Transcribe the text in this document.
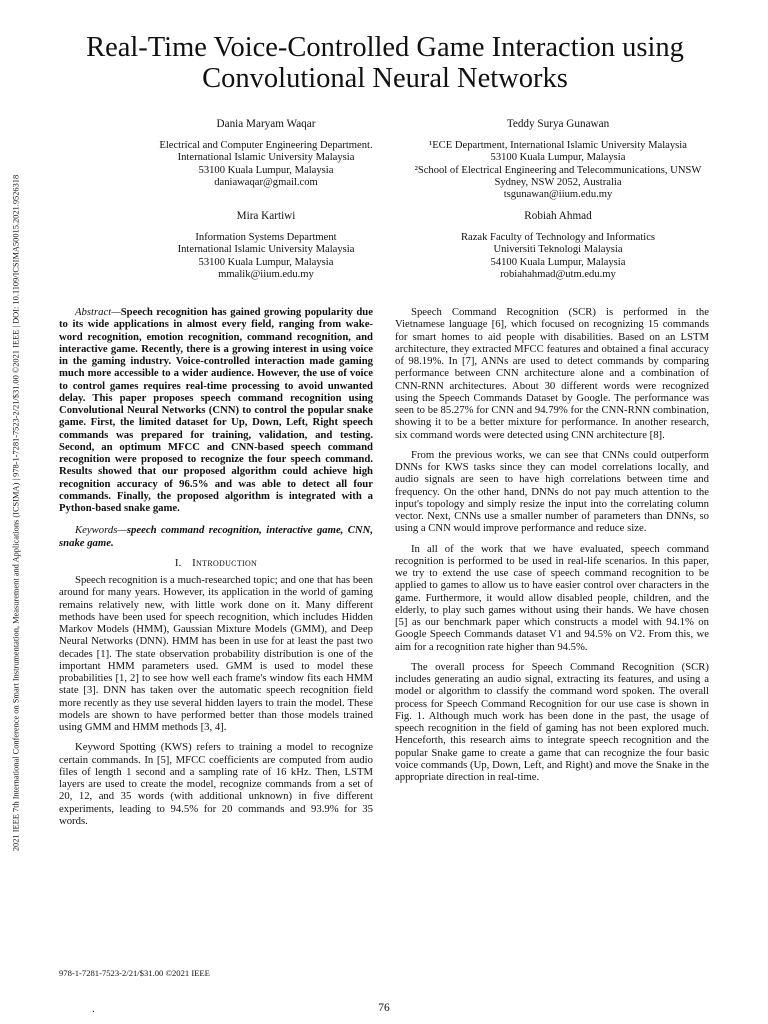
2021 IEEE 7th International Conference on Smart Instrumentation, Measurement and Applications (ICSIMA) | 978-1-7281-7523-2/21/$31.00 ©2021 IEEE | DOI: 10.1109/ICSIMA50015.2021.9526318
Real-Time Voice-Controlled Game Interaction using
Convolutional Neural Networks
Dania Maryam Waqar
Electrical and Computer Engineering Department.
International Islamic University Malaysia
53100 Kuala Lumpur, Malaysia
daniawaqar@gmail.com
Teddy Surya Gunawan
¹ECE Department, International Islamic University Malaysia
53100 Kuala Lumpur, Malaysia
²School of Electrical Engineering and Telecommunications, UNSW
Sydney, NSW 2052, Australia
tsgunawan@iium.edu.my
Mira Kartiwi
Information Systems Department
International Islamic University Malaysia
53100 Kuala Lumpur, Malaysia
mmalik@iium.edu.my
Robiah Ahmad
Razak Faculty of Technology and Informatics
Universiti Teknologi Malaysia
54100 Kuala Lumpur, Malaysia
robiahahmad@utm.edu.my

Abstract—Speech recognition has gained growing popularity due to its wide applications in almost every field, ranging from wake-word recognition, emotion recognition, command recognition, and interactive game. Recently, there is a growing interest in using voice in the gaming industry. Voice-controlled interaction made gaming much more accessible to a wider audience. However, the use of voice to control games requires real-time processing to avoid unwanted delay. This paper proposes speech command recognition using Convolutional Neural Networks (CNN) to control the popular snake game. First, the limited dataset for Up, Down, Left, Right speech commands was prepared for training, validation, and testing. Second, an optimum MFCC and CNN-based speech command recognition were proposed to recognize the four speech command. Results showed that our proposed algorithm could achieve high recognition accuracy of 96.5% and was able to detect all four commands. Finally, the proposed algorithm is integrated with a Python-based snake game.

Keywords—speech command recognition, interactive game, CNN, snake game.

I. Introduction

Speech recognition is a much-researched topic; and one that has been around for many years. However, its application in the world of gaming remains relatively new, with little work done on it. Many different methods have been used for speech recognition, which includes Hidden Markov Models (HMM), Gaussian Mixture Models (GMM), and Deep Neural Networks (DNN). HMM has been in use for at least the past two decades [1]. The state observation probability distribution is one of the important HMM parameters used. GMM is used to model these probabilities [1, 2] to see how well each frame's window fits each HMM state [3]. DNN has taken over the automatic speech recognition field more recently as they use several hidden layers to train the model. These models are shown to have performed better than those models trained using GMM and HMM methods [3, 4].

Keyword Spotting (KWS) refers to training a model to recognize certain commands. In [5], MFCC coefficients are computed from audio files of length 1 second and a sampling rate of 16 kHz. Then, LSTM layers are used to create the model, recognize commands from a set of 20, 12, and 35 words (with additional unknown) in five different experiments, leading to 94.5% for 20 commands and 93.9% for 35 words.

Speech Command Recognition (SCR) is performed in the Vietnamese language [6], which focused on recognizing 15 commands for smart homes to aid people with disabilities. Based on an LSTM architecture, they extracted MFCC features and obtained a final accuracy of 98.19%. In [7], ANNs are used to detect commands by comparing performance between CNN architecture alone and a combination of CNN-RNN architectures. About 30 different words were recognized using the Speech Commands Dataset by Google. The performance was seen to be 85.27% for CNN and 94.79% for the CNN-RNN combination, showing it to be a better mixture for performance. In another research, six command words were detected using CNN architecture [8].

From the previous works, we can see that CNNs could outperform DNNs for KWS tasks since they can model correlations locally, and audio signals are seen to have high correlations between time and frequency. On the other hand, DNNs do not pay much attention to the input's topology and simply resize the input into the correlating column vector. Next, CNNs use a smaller number of parameters than DNNs, so using a CNN would improve performance and reduce size.

In all of the work that we have evaluated, speech command recognition is performed to be used in real-life scenarios. In this paper, we try to extend the use case of speech command recognition to be applied to games to allow us to have easier control over characters in the game. Furthermore, it would allow disabled people, children, and the elderly, to play such games without using their hands. We have chosen [5] as our benchmark paper which constructs a model with 94.1% on Google Speech Commands dataset V1 and 94.5% on V2. From this, we aim for a recognition rate higher than 94.5%.

The overall process for Speech Command Recognition (SCR) includes generating an audio signal, extracting its features, and using a model or algorithm to classify the command word spoken. The overall process for Speech Command Recognition for our use case is shown in Fig. 1. Although much work has been done in the past, the usage of speech recognition in the field of gaming has not been explored much. Henceforth, this research aims to integrate speech recognition and the popular Snake game to create a game that can recognize the four basic voice commands (Up, Down, Left, and Right) and move the Snake in the appropriate direction in real-time.

978-1-7281-7523-2/21/$31.00 ©2021 IEEE
.	76
